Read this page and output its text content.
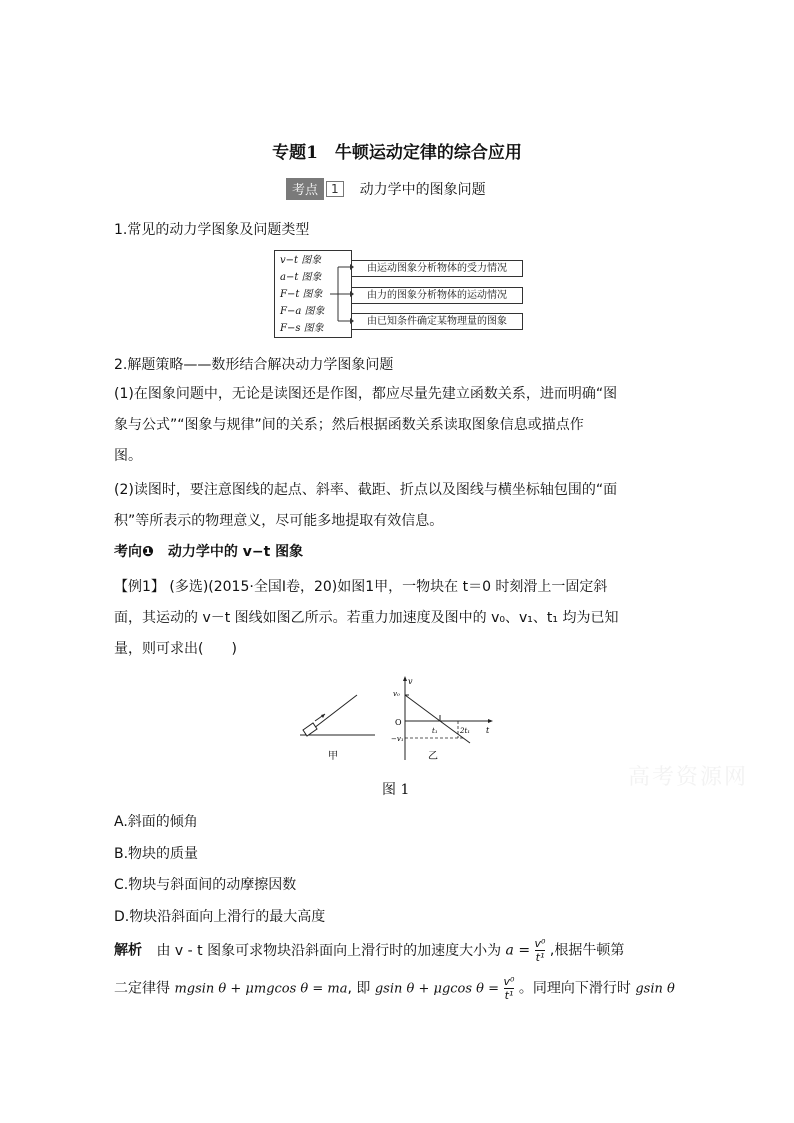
专题1　牛顿运动定律的综合应用
考点 1 动力学中的图象问题
1.常见的动力学图象及问题类型
v−t 图象
a−t 图象
F−t 图象
F−a 图象
F−s 图象
由运动图象分析物体的受力情况
由力的图象分析物体的运动情况
由已知条件确定某物理量的图象
2.解题策略——数形结合解决动力学图象问题
(1)在图象问题中，无论是读图还是作图，都应尽量先建立函数关系，进而明确“图
象与公式”“图象与规律”间的关系；然后根据函数关系读取图象信息或描点作
图。
(2)读图时，要注意图线的起点、斜率、截距、折点以及图线与横坐标轴包围的“面
积”等所表示的物理意义，尽可能多地提取有效信息。
考向❶　动力学中的 v−t 图象
【例1】 (多选)(2015·全国Ⅰ卷，20)如图1甲，一物块在 t＝0 时刻滑上一固定斜
面，其运动的 v－t 图线如图乙所示。若重力加速度及图中的 v₀、v₁、t₁ 均为已知
量，则可求出(　　)
v
t
O
v₀
−v₁
t₁	2t₁
甲	乙
图 1	高考资源网
A.斜面的倾角
B.物块的质量
C.物块与斜面间的动摩擦因数
D.物块沿斜面向上滑行的最大高度
解析 由 v - t 图象可求物块沿斜面向上滑行时的加速度大小为 $a = \frac{\text{v⁰}}{\text{t¹}}$ ,根据牛顿第
二定律得 mgsin θ + μmgcos θ = ma, 即 gsin θ + μgcos $\theta = \frac{\text{v⁰}}{\text{t¹}}$ 。同理向下滑行时 gsin θ
